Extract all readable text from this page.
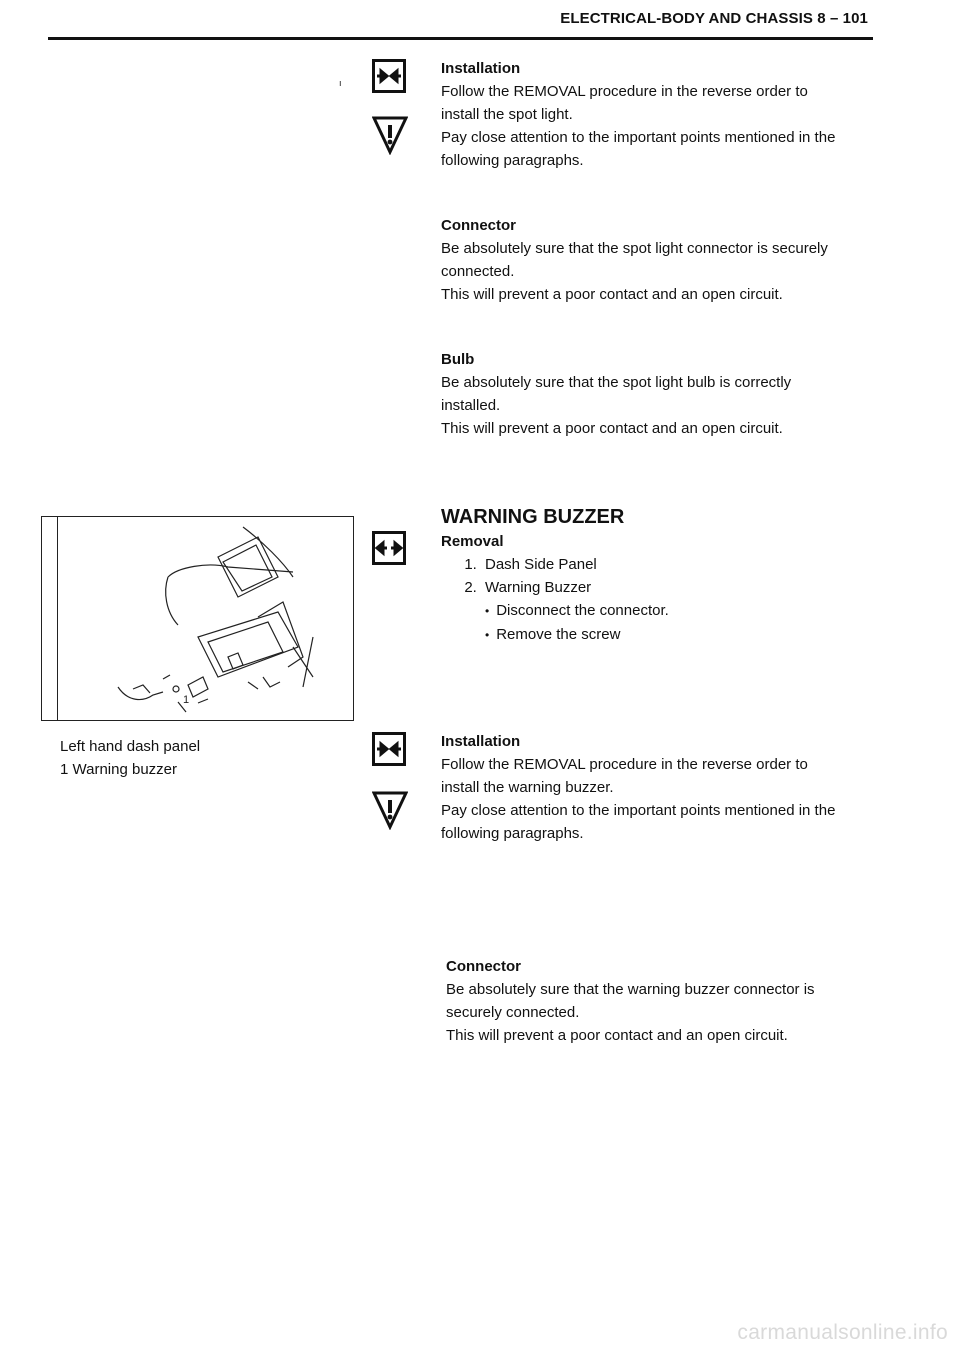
ELECTRICAL-BODY AND CHASSIS 8 – 101
ı

Installation

Follow the REMOVAL procedure in the reverse order to

install the spot light.

Pay close attention to the important points mentioned in the

following paragraphs.

Connector

Be absolutely sure that the spot light connector is securely

connected.

This will prevent a poor contact and an open circuit.

Bulb

Be absolutely sure that the spot light bulb is correctly

installed.

This will prevent a poor contact and an open circuit.

1
Left hand dash panel
1 Warning buzzer

WARNING BUZZER

Removal

1. Dash Side Panel
2. Warning Buzzer
• Disconnect the connector.
• Remove the screw

Installation

Follow the REMOVAL procedure in the reverse order to

install the warning buzzer.

Pay close attention to the important points mentioned in the

following paragraphs.

Connector

Be absolutely sure that the warning buzzer connector is

securely connected.

This will prevent a poor contact and an open circuit.

carmanualsonline.info
